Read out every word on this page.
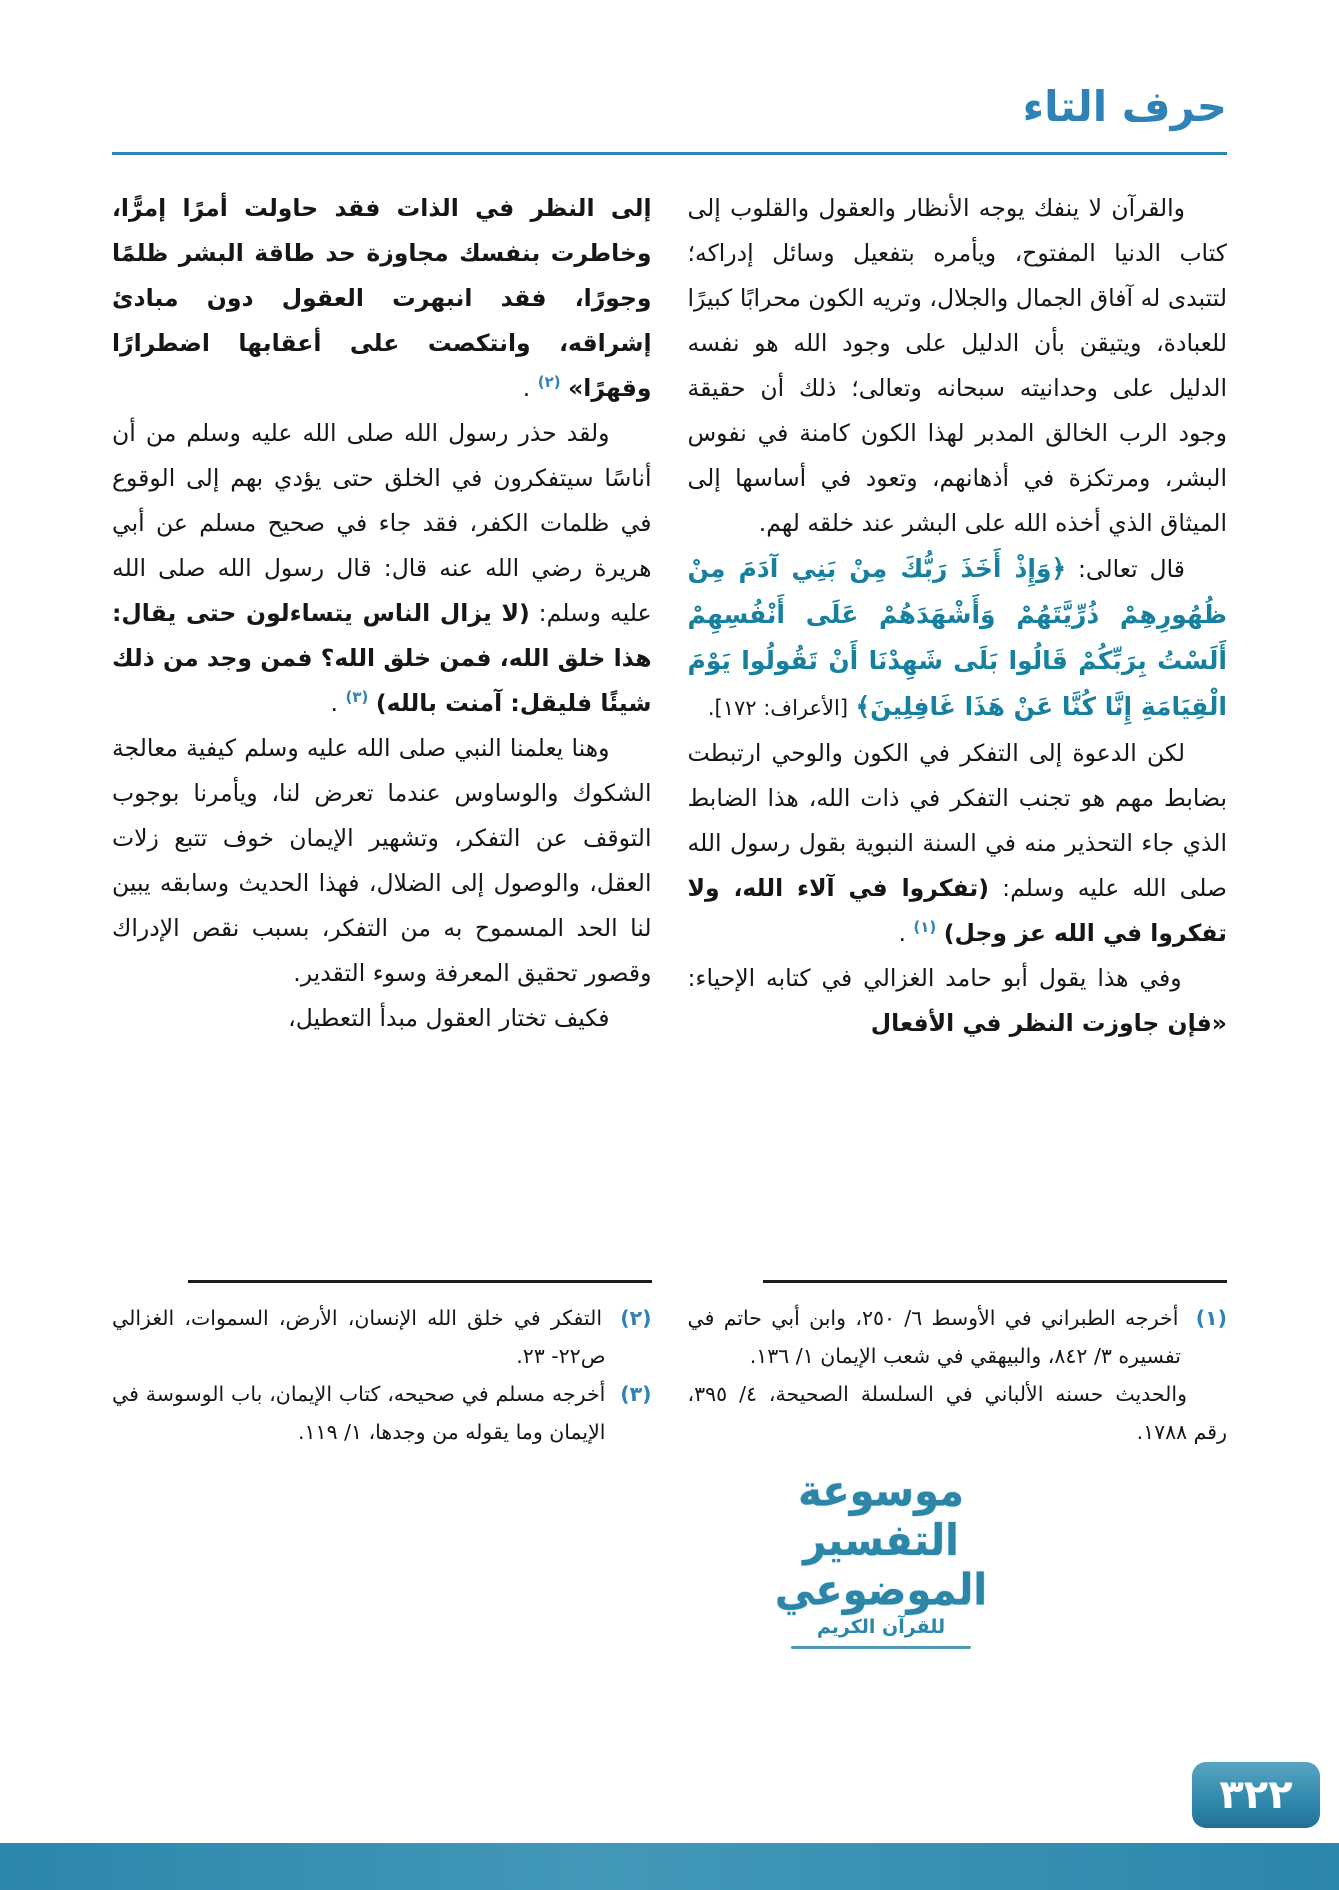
حرف التاء

والقرآن لا ينفك يوجه الأنظار والعقول والقلوب إلى كتاب الدنيا المفتوح، ويأمره بتفعيل وسائل إدراكه؛ لتتبدى له آفاق الجمال والجلال، وتريه الكون محرابًا كبيرًا للعبادة، ويتيقن بأن الدليل على وجود الله هو نفسه الدليل على وحدانيته سبحانه وتعالى؛ ذلك أن حقيقة وجود الرب الخالق المدبر لهذا الكون كامنة في نفوس البشر، ومرتكزة في أذهانهم، وتعود في أساسها إلى الميثاق الذي أخذه الله على البشر عند خلقه لهم.

قال تعالى: ﴿وَإِذْ أَخَذَ رَبُّكَ مِنْ بَنِي آدَمَ مِنْ ظُهُورِهِمْ ذُرِّيَّتَهُمْ وَأَشْهَدَهُمْ عَلَى أَنْفُسِهِمْ أَلَسْتُ بِرَبِّكُمْ قَالُوا بَلَى شَهِدْنَا أَنْ تَقُولُوا يَوْمَ الْقِيَامَةِ إِنَّا كُنَّا عَنْ هَذَا غَافِلِينَ﴾ [الأعراف: ١٧٢].

لكن الدعوة إلى التفكر في الكون والوحي ارتبطت بضابط مهم هو تجنب التفكر في ذات الله، هذا الضابط الذي جاء التحذير منه في السنة النبوية بقول رسول الله صلى الله عليه وسلم: (تفكروا في آلاء الله، ولا تفكروا في الله عز وجل) $^{(١)}$ .

وفي هذا يقول أبو حامد الغزالي في كتابه الإحياء: «فإن جاوزت النظر في الأفعال

إلى النظر في الذات فقد حاولت أمرًا إمرًّا، وخاطرت بنفسك مجاوزة حد طاقة البشر ظلمًا وجورًا، فقد انبهرت العقول دون مبادئ إشراقه، وانتكصت على أعقابها اضطرارًا وقهرًا» $^{(٢)}$ .

ولقد حذر رسول الله صلى الله عليه وسلم من أن أناسًا سيتفكرون في الخلق حتى يؤدي بهم إلى الوقوع في ظلمات الكفر، فقد جاء في صحيح مسلم عن أبي هريرة رضي الله عنه قال: قال رسول الله صلى الله عليه وسلم: (لا يزال الناس يتساءلون حتى يقال: هذا خلق الله، فمن خلق الله؟ فمن وجد من ذلك شيئًا فليقل: آمنت بالله) $^{(٣)}$ .

وهنا يعلمنا النبي صلى الله عليه وسلم كيفية معالجة الشكوك والوساوس عندما تعرض لنا، ويأمرنا بوجوب التوقف عن التفكر، وتشهير الإيمان خوف تتبع زلات العقل، والوصول إلى الضلال، فهذا الحديث وسابقه يبين لنا الحد المسموح به من التفكر، بسبب نقص الإدراك وقصور تحقيق المعرفة وسوء التقدير.

فكيف تختار العقول مبدأ التعطيل،

(١) أخرجه الطبراني في الأوسط ٦/ ٢٥٠، وابن أبي حاتم في تفسيره ٣/ ٨٤٢، والبيهقي في شعب الإيمان ١/ ١٣٦.

والحديث حسنه الألباني في السلسلة الصحيحة، ٤/ ٣٩٥، رقم ١٧٨٨.

(٢) التفكر في خلق الله الإنسان، الأرض، السموات، الغزالي ص٢٢- ٢٣.

(٣) أخرجه مسلم في صحيحه، كتاب الإيمان، باب الوسوسة في الإيمان وما يقوله من وجدها، ١/ ١١٩.

موسوعة التفسير الموضوعي
للقرآن الكريم
٣٢٢
